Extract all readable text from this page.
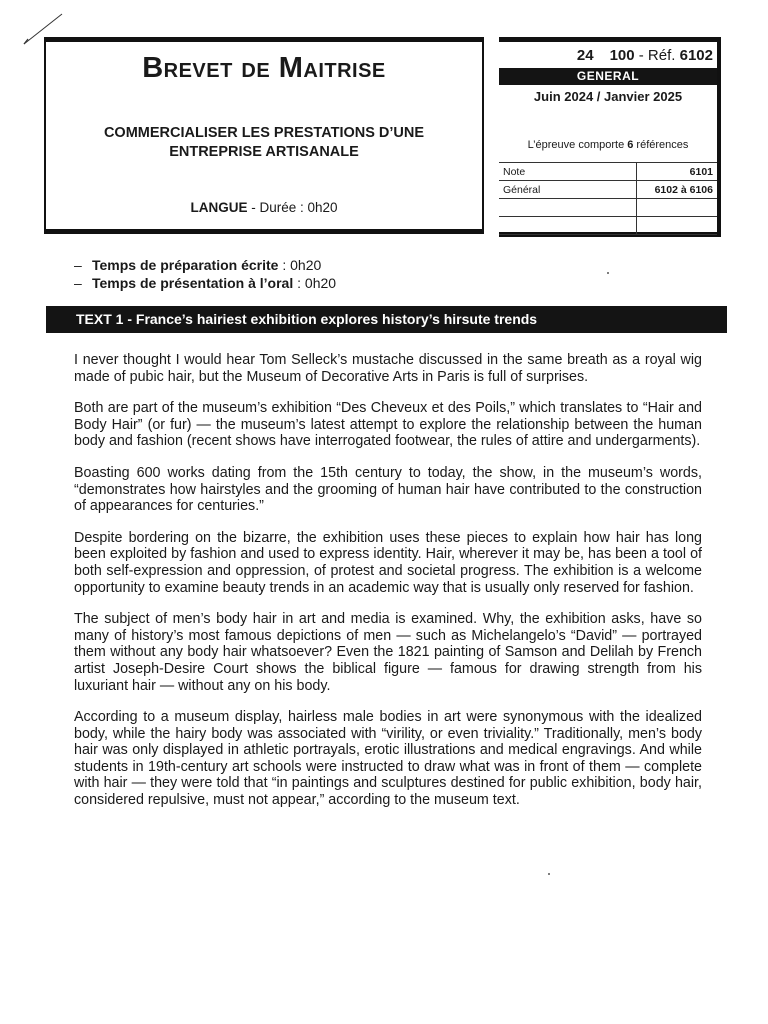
Brevet de Maitrise
COMMERCIALISER LES PRESTATIONS D’UNE
ENTREPRISE ARTISANALE
LANGUE - Durée : 0h20
24 100 - Réf. 6102
GENERAL
Juin 2024 / Janvier 2025
L’épreuve comporte 6 références
Note	6101
Général	6102 à 6106

– Temps de préparation écrite : 0h20
– Temps de présentation à l’oral : 0h20
TEXT 1 - France’s hairiest exhibition explores history’s hirsute trends

I never thought I would hear Tom Selleck’s mustache discussed in the same breath as a royal wig made of pubic hair, but the Museum of Decorative Arts in Paris is full of surprises.

Both are part of the museum’s exhibition “Des Cheveux et des Poils,” which translates to “Hair and Body Hair” (or fur) — the museum’s latest attempt to explore the relationship between the human body and fashion (recent shows have interrogated footwear, the rules of attire and undergarments).

Boasting 600 works dating from the 15th century to today, the show, in the museum’s words, “demonstrates how hairstyles and the grooming of human hair have contributed to the construction of appearances for centuries.”

Despite bordering on the bizarre, the exhibition uses these pieces to explain how hair has long been exploited by fashion and used to express identity. Hair, wherever it may be, has been a tool of both self-expression and oppression, of protest and societal progress. The exhibition is a welcome opportunity to examine beauty trends in an academic way that is usually only reserved for fashion.

The subject of men’s body hair in art and media is examined. Why, the exhibition asks, have so many of history’s most famous depictions of men — such as Michelangelo’s “David” — portrayed them without any body hair whatsoever? Even the 1821 painting of Samson and Delilah by French artist Joseph-Desire Court shows the biblical figure — famous for drawing strength from his luxuriant hair — without any on his body.

According to a museum display, hairless male bodies in art were synonymous with the idealized body, while the hairy body was associated with “virility, or even triviality.” Traditionally, men’s body hair was only displayed in athletic portrayals, erotic illustrations and medical engravings. And while students in 19th-century art schools were instructed to draw what was in front of them — complete with hair — they were told that “in paintings and sculptures destined for public exhibition, body hair, considered repulsive, must not appear,” according to the museum text.
